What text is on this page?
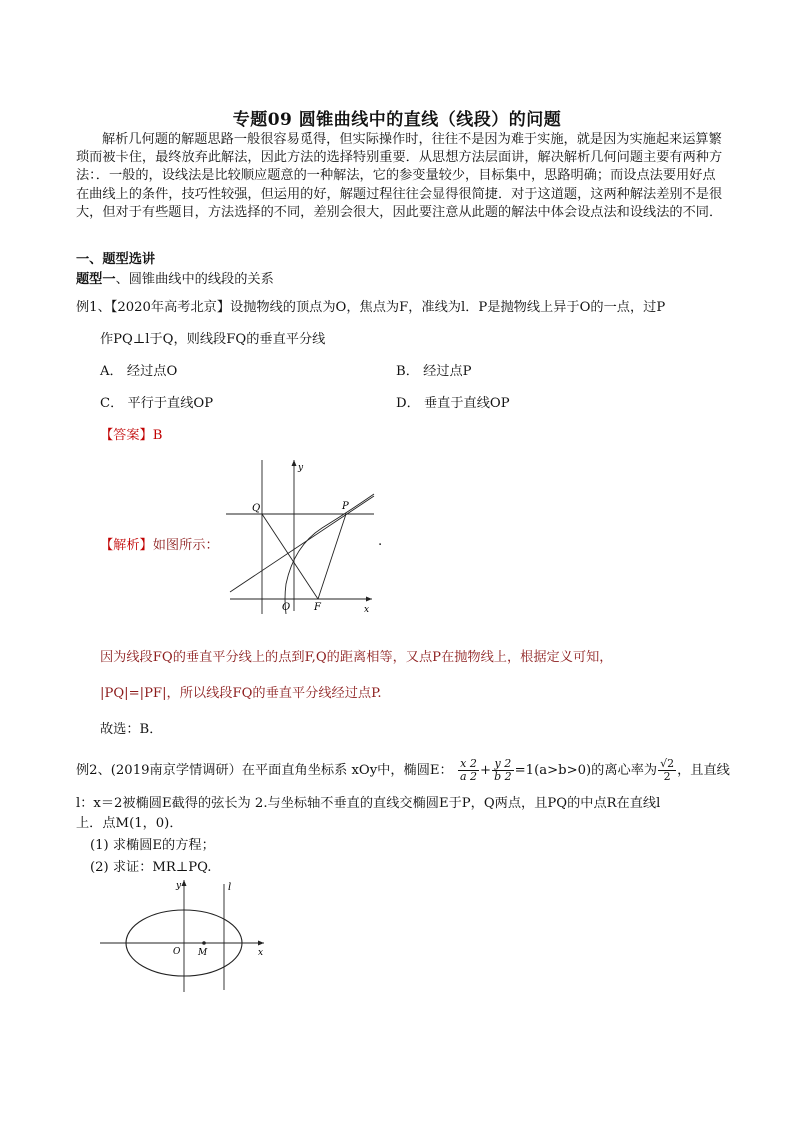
专题09 圆锥曲线中的直线（线段）的问题
解析几何题的解题思路一般很容易觅得，但实际操作时，往往不是因为难于实施，就是因为实施起来运算繁琐而被卡住，最终放弃此解法，因此方法的选择特别重要．从思想方法层面讲，解决解析几何问题主要有两种方法：．一般的，设线法是比较顺应题意的一种解法，它的参变量较少，目标集中，思路明确；而设点法要用好点在曲线上的条件，技巧性较强，但运用的好，解题过程往往会显得很简捷．对于这道题，这两种解法差别不是很大，但对于有些题目，方法选择的不同，差别会很大，因此要注意从此题的解法中体会设点法和设线法的不同．
一、题型选讲
题型一、圆锥曲线中的线段的关系
例1、【2020年高考北京】设抛物线的顶点为O，焦点为F，准线为l．P是抛物线上异于O的一点，过P
作PQ⊥l于Q，则线段FQ的垂直平分线
A． 经过点O	B． 经过点P
C． 平行于直线OP	D． 垂直于直线OP
【答案】B
【解析】如图所示：	.
y
x
Q	P
O F
因为线段FQ的垂直平分线上的点到F,Q的距离相等，又点P在抛物线上，根据定义可知，
|PQ|=|PF|，所以线段FQ的垂直平分线经过点P.
故选：B．
例2、(2019南京学情调研）在平面直角坐标系 xOy中，椭圆E： $\frac{x 2}{a 2} + \frac{y 2}{b 2} =1(a>b>0)$的离心率为 $\frac{√2}{2}$ ，且直线
l：x＝2被椭圆E截得的弦长为 2.与坐标轴不垂直的直线交椭圆E于P，Q两点，且PQ的中点R在直线l
上．点M(1，0)．
(1) 求椭圆E的方程；
(2) 求证：MR⊥PQ.
y	l
x
O M
